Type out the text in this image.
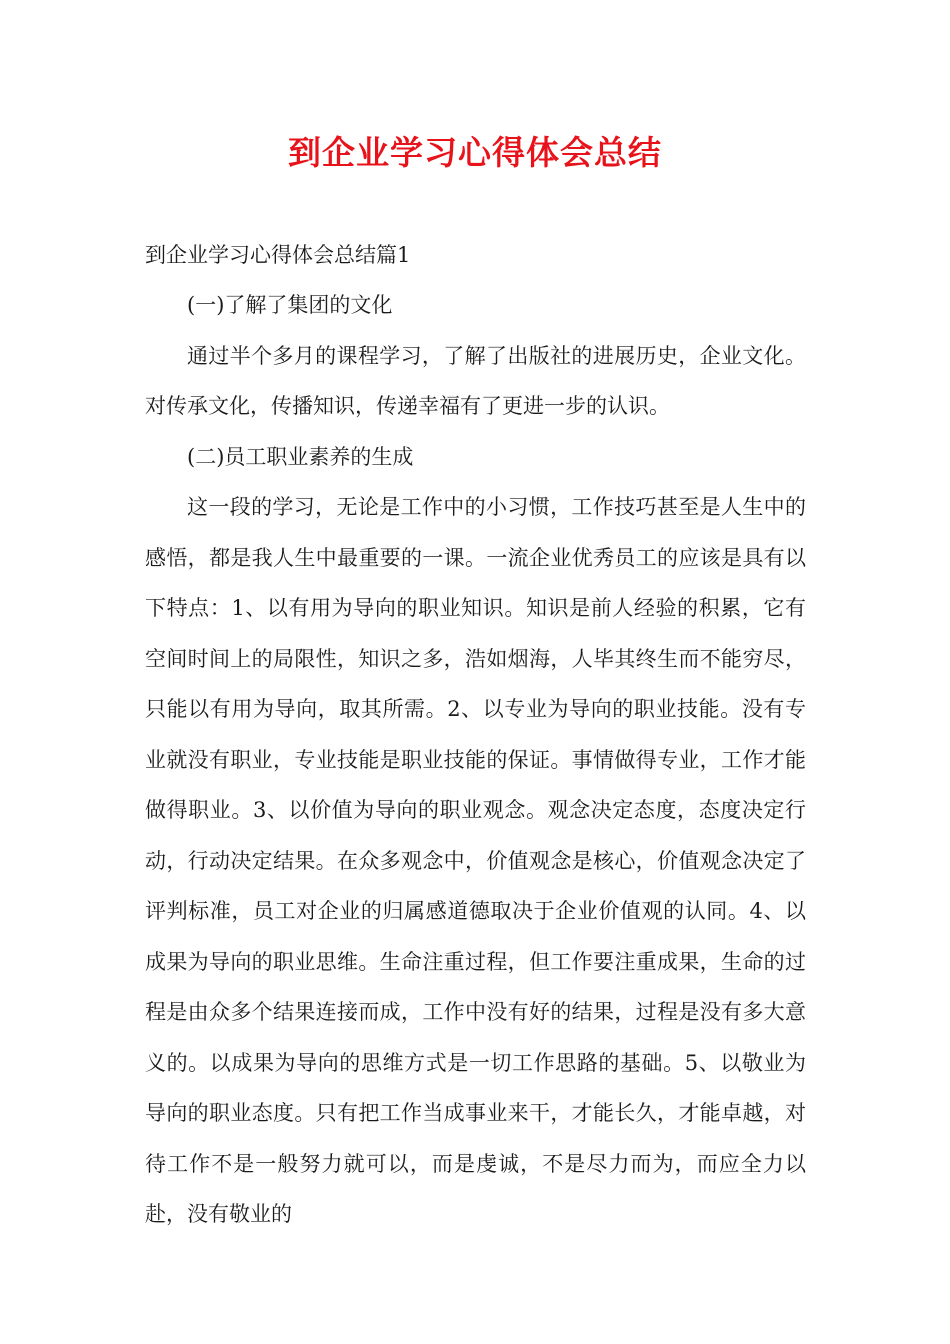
到企业学习心得体会总结
到企业学习心得体会总结篇1

(一)了解了集团的文化

通过半个多月的课程学习，了解了出版社的进展历史，企业文化。对传承文化，传播知识，传递幸福有了更进一步的认识。

(二)员工职业素养的生成

这一段的学习，无论是工作中的小习惯，工作技巧甚至是人生中的感悟，都是我人生中最重要的一课。一流企业优秀员工的应该是具有以下特点：1、以有用为导向的职业知识。知识是前人经验的积累，它有空间时间上的局限性，知识之多，浩如烟海，人毕其终生而不能穷尽，只能以有用为导向，取其所需。2、以专业为导向的职业技能。没有专业就没有职业，专业技能是职业技能的保证。事情做得专业，工作才能做得职业。3、以价值为导向的职业观念。观念决定态度，态度决定行动，行动决定结果。在众多观念中，价值观念是核心，价值观念决定了评判标准，员工对企业的归属感道德取决于企业价值观的认同。4、以成果为导向的职业思维。生命注重过程，但工作要注重成果，生命的过程是由众多个结果连接而成，工作中没有好的结果，过程是没有多大意义的。以成果为导向的思维方式是一切工作思路的基础。5、以敬业为导向的职业态度。只有把工作当成事业来干，才能长久，才能卓越，对待工作不是一般努力就可以，而是虔诚，不是尽力而为，而应全力以赴，没有敬业的
